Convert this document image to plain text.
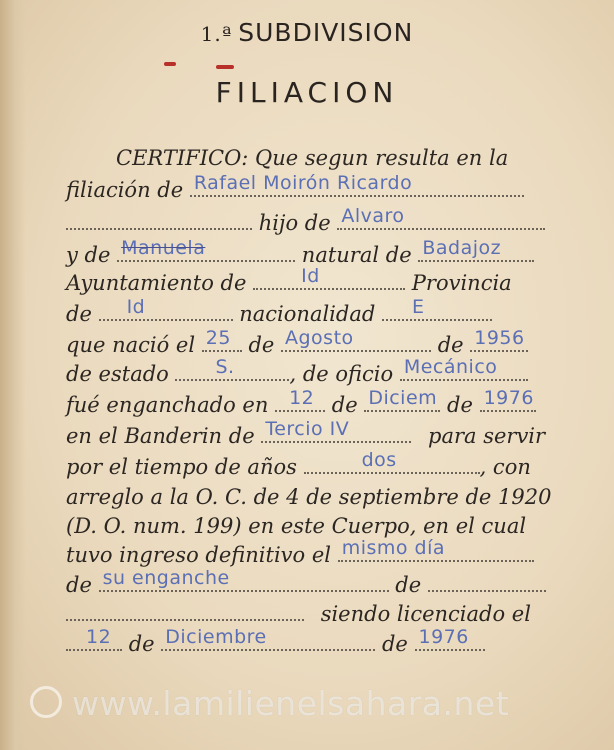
1.ª SUBDIVISION
FILIACION
CERTIFICO: Que segun resulta en la
filiación de Rafael Moirón Ricardo
hijo de Alvaro
y de Manuela	natural de Badajoz
Ayuntamiento de	Id	Provincia
de Id	nacionalidad E
que nació el 25 de Agosto	de 1956
de estado S.	, de oficio Mecánico
fué enganchado en 12 de Diciem de 1976
en el Banderin de Tercio IV	para servir
por el tiempo de años	dos	, con
arreglo a la O. C. de 4 de septiembre de 1920
(D. O. num. 199) en este Cuerpo, en el cual
tuvo ingreso definitivo el mismo día
de su enganche	de
siendo licenciado el
12 de Diciembre	de 1976
www.lamilienelsahara.net
